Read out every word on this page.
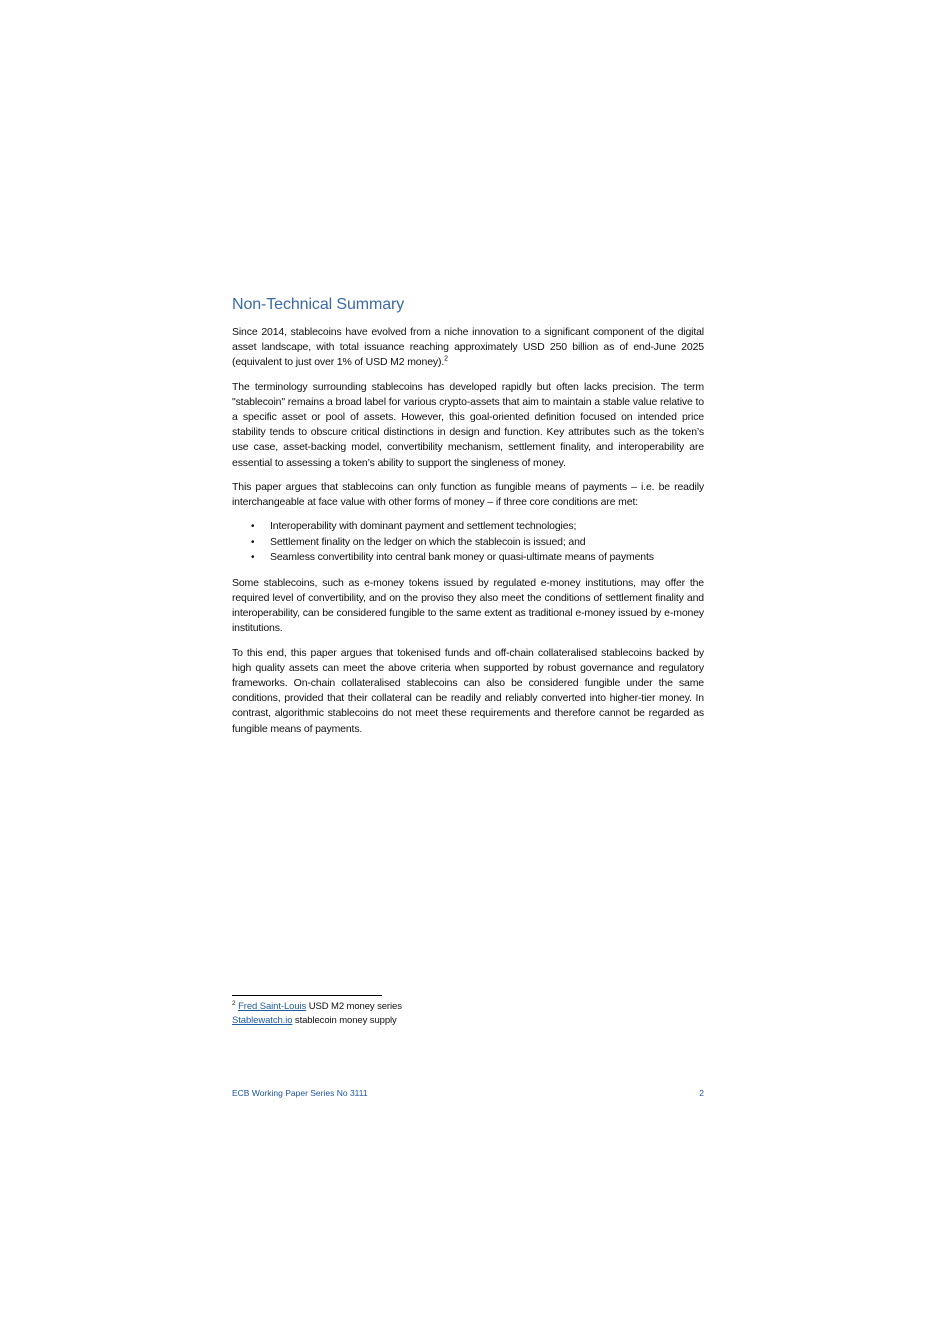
Non-Technical Summary

Since 2014, stablecoins have evolved from a niche innovation to a significant component of the digital asset landscape, with total issuance reaching approximately USD 250 billion as of end-June 2025 (equivalent to just over 1% of USD M2 money).$^2$

The terminology surrounding stablecoins has developed rapidly but often lacks precision. The term "stablecoin" remains a broad label for various crypto-assets that aim to maintain a stable value relative to a specific asset or pool of assets. However, this goal-oriented definition focused on intended price stability tends to obscure critical distinctions in design and function. Key attributes such as the token’s use case, asset-backing model, convertibility mechanism, settlement finality, and interoperability are essential to assessing a token’s ability to support the singleness of money.

This paper argues that stablecoins can only function as fungible means of payments – i.e. be readily interchangeable at face value with other forms of money – if three core conditions are met:

• Interoperability with dominant payment and settlement technologies;
• Settlement finality on the ledger on which the stablecoin is issued; and
• Seamless convertibility into central bank money or quasi-ultimate means of payments

Some stablecoins, such as e-money tokens issued by regulated e-money institutions, may offer the required level of convertibility, and on the proviso they also meet the conditions of settlement finality and interoperability, can be considered fungible to the same extent as traditional e-money issued by e-money institutions.

To this end, this paper argues that tokenised funds and off-chain collateralised stablecoins backed by high quality assets can meet the above criteria when supported by robust governance and regulatory frameworks. On-chain collateralised stablecoins can also be considered fungible under the same conditions, provided that their collateral can be readily and reliably converted into higher-tier money. In contrast, algorithmic stablecoins do not meet these requirements and therefore cannot be regarded as fungible means of payments.

$^2$ Fred Saint-Louis USD M2 money series
Stablewatch.io stablecoin money supply
ECB Working Paper Series No 3111	2
